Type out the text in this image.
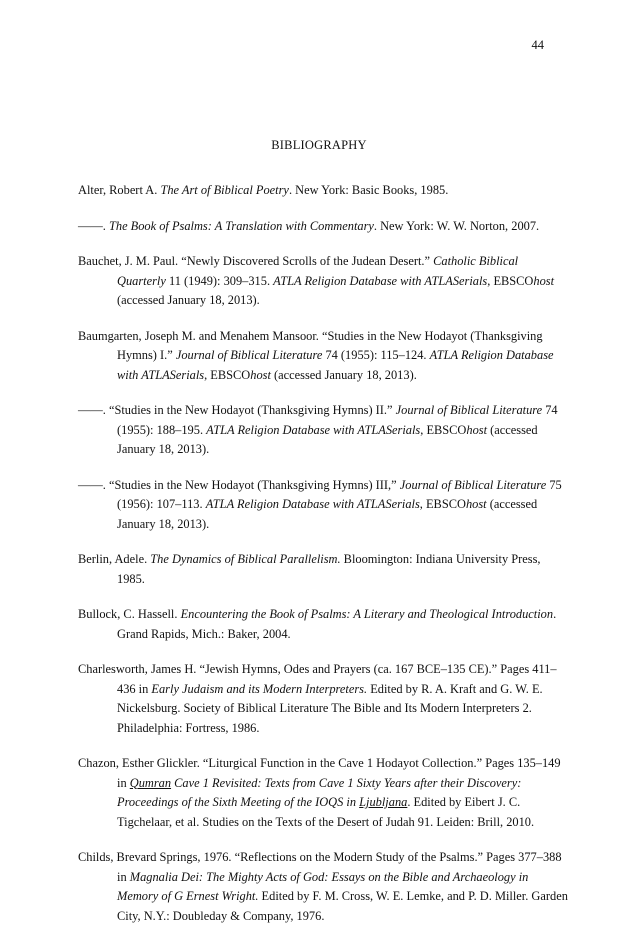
44
BIBLIOGRAPHY

Alter, Robert A. The Art of Biblical Poetry. New York: Basic Books, 1985.

——. The Book of Psalms: A Translation with Commentary. New York: W. W. Norton, 2007.

Bauchet, J. M. Paul. “Newly Discovered Scrolls of the Judean Desert.” Catholic Biblical Quarterly 11 (1949): 309–315. ATLA Religion Database with ATLASerials, EBSCOhost (accessed January 18, 2013).

Baumgarten, Joseph M. and Menahem Mansoor. “Studies in the New Hodayot (Thanksgiving Hymns) I.” Journal of Biblical Literature 74 (1955): 115–124. ATLA Religion Database with ATLASerials, EBSCOhost (accessed January 18, 2013).

——. “Studies in the New Hodayot (Thanksgiving Hymns) II.” Journal of Biblical Literature 74 (1955): 188–195. ATLA Religion Database with ATLASerials, EBSCOhost (accessed January 18, 2013).

——. “Studies in the New Hodayot (Thanksgiving Hymns) III,” Journal of Biblical Literature 75 (1956): 107–113. ATLA Religion Database with ATLASerials, EBSCOhost (accessed January 18, 2013).

Berlin, Adele. The Dynamics of Biblical Parallelism. Bloomington: Indiana University Press, 1985.

Bullock, C. Hassell. Encountering the Book of Psalms: A Literary and Theological Introduction. Grand Rapids, Mich.: Baker, 2004.

Charlesworth, James H. “Jewish Hymns, Odes and Prayers (ca. 167 BCE–135 CE).” Pages 411–436 in Early Judaism and its Modern Interpreters. Edited by R. A. Kraft and G. W. E. Nickelsburg. Society of Biblical Literature The Bible and Its Modern Interpreters 2. Philadelphia: Fortress, 1986.

Chazon, Esther Glickler. “Liturgical Function in the Cave 1 Hodayot Collection.” Pages 135–149 in Qumran Cave 1 Revisited: Texts from Cave 1 Sixty Years after their Discovery: Proceedings of the Sixth Meeting of the IOQS in Ljubljana. Edited by Eibert J. C. Tigchelaar, et al. Studies on the Texts of the Desert of Judah 91. Leiden: Brill, 2010.

Childs, Brevard Springs, 1976. “Reflections on the Modern Study of the Psalms.” Pages 377–388 in Magnalia Dei: The Mighty Acts of God: Essays on the Bible and Archaeology in Memory of G Ernest Wright. Edited by F. M. Cross, W. E. Lemke, and P. D. Miller. Garden City, N.Y.: Doubleday & Company, 1976.
